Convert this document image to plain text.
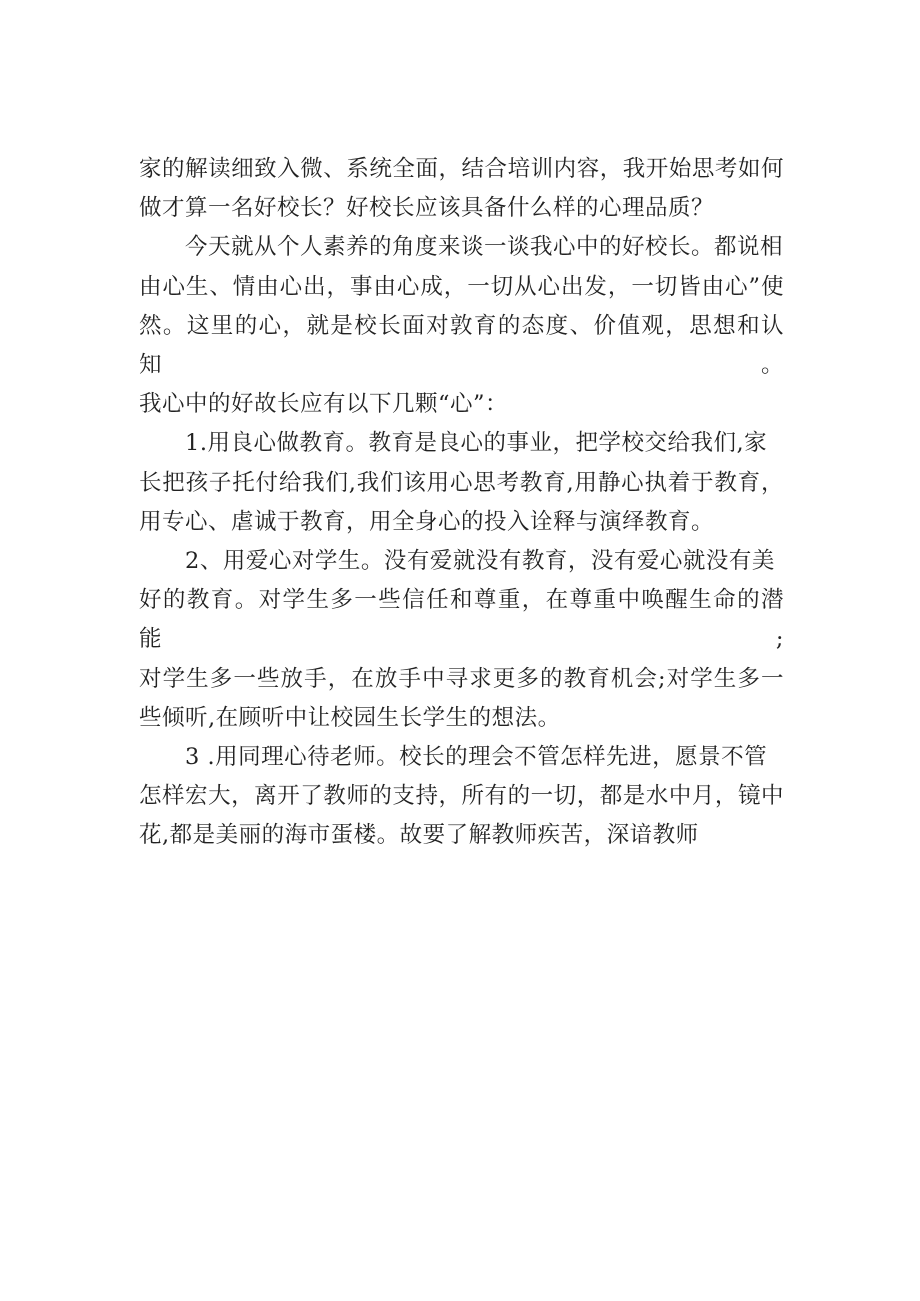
家的解读细致入微、系统全面，结合培训内容，我开始思考如何
做才算一名好校长？好校长应该具备什么样的心理品质？

今天就从个人素养的角度来谈一谈我心中的好校长。都说相
由心生、情由心出，事由心成，一切从心出发，一切皆由心”使
然。这里的心，就是校长面对敦育的态度、价值观，思想和认知。
我心中的好故长应有以下几颗“心”：

1.用良心做教育。教育是良心的事业，把学校交给我们,家
长把孩子托付给我们,我们该用心思考教育,用静心执着于教育，
用专心、虐诚于教育，用全身心的投入诠释与演绎教育。

2、用爱心对学生。没有爱就没有教育，没有爱心就没有美
好的教育。对学生多一些信任和尊重，在尊重中唤醒生命的潜能;
对学生多一些放手，在放手中寻求更多的教育机会;对学生多一
些倾听,在顾听中让校园生长学生的想法。

3 .用同理心待老师。校长的理会不管怎样先进，愿景不管
怎样宏大，离开了教师的支持，所有的一切，都是水中月，镜中
花,都是美丽的海市蛋楼。故要了解教师疾苦，深谙教师
